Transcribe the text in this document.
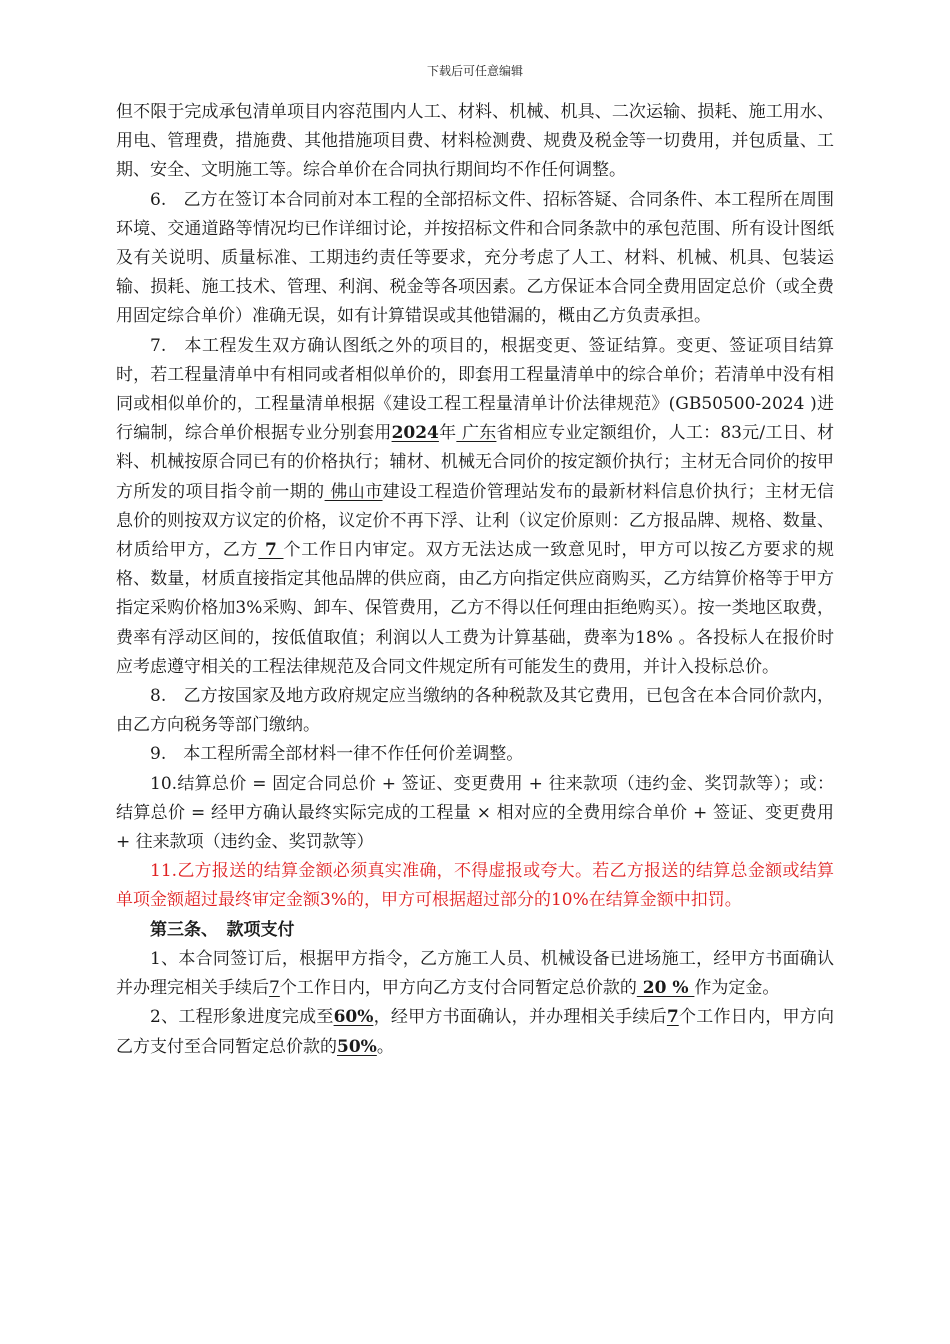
下载后可任意编辑

但不限于完成承包清单项目内容范围内人工、材料、机械、机具、二次运输、损耗、施工用水、用电、管理费，措施费、其他措施项目费、材料检测费、规费及税金等一切费用，并包质量、工期、安全、文明施工等。综合单价在合同执行期间均不作任何调整。

6.　乙方在签订本合同前对本工程的全部招标文件、招标答疑、合同条件、本工程所在周围环境、交通道路等情况均已作详细讨论，并按招标文件和合同条款中的承包范围、所有设计图纸及有关说明、质量标准、工期违约责任等要求，充分考虑了人工、材料、机械、机具、包装运输、损耗、施工技术、管理、利润、税金等各项因素。乙方保证本合同全费用固定总价（或全费用固定综合单价）准确无误，如有计算错误或其他错漏的，概由乙方负责承担。

7.　本工程发生双方确认图纸之外的项目的，根据变更、签证结算。变更、签证项目结算时，若工程量清单中有相同或者相似单价的，即套用工程量清单中的综合单价；若清单中没有相同或相似单价的，工程量清单根据《建设工程工程量清单计价法律规范》(GB50500-2024 )进行编制，综合单价根据专业分别套用2024年 广东省相应专业定额组价，人工：83元/工日、材料、机械按原合同已有的价格执行；辅材、机械无合同价的按定额价执行；主材无合同价的按甲方所发的项目指令前一期的 佛山市建设工程造价管理站发布的最新材料信息价执行；主材无信息价的则按双方议定的价格，议定价不再下浮、让利（议定价原则：乙方报品牌、规格、数量、材质给甲方，乙方 7 个工作日内审定。双方无法达成一致意见时，甲方可以按乙方要求的规格、数量，材质直接指定其他品牌的供应商，由乙方向指定供应商购买，乙方结算价格等于甲方指定采购价格加3%采购、卸车、保管费用，乙方不得以任何理由拒绝购买）。按一类地区取费，费率有浮动区间的，按低值取值；利润以人工费为计算基础，费率为18% 。各投标人在报价时应考虑遵守相关的工程法律规范及合同文件规定所有可能发生的费用，并计入投标总价。

8.　乙方按国家及地方政府规定应当缴纳的各种税款及其它费用，已包含在本合同价款内，由乙方向税务等部门缴纳。

9.　本工程所需全部材料一律不作任何价差调整。

10.结算总价 = 固定合同总价 + 签证、变更费用 + 往来款项（违约金、奖罚款等）；或：结算总价 = 经甲方确认最终实际完成的工程量 × 相对应的全费用综合单价 + 签证、变更费用 + 往来款项（违约金、奖罚款等）

11.乙方报送的结算金额必须真实准确，不得虚报或夸大。若乙方报送的结算总金额或结算单项金额超过最终审定金额3%的，甲方可根据超过部分的10%在结算金额中扣罚。

第三条、　款项支付

1、本合同签订后，根据甲方指令，乙方施工人员、机械设备已进场施工，经甲方书面确认并办理完相关手续后7个工作日内，甲方向乙方支付合同暂定总价款的 20 % 作为定金。

2、工程形象进度完成至60%，经甲方书面确认，并办理相关手续后7个工作日内，甲方向乙方支付至合同暂定总价款的50%。
